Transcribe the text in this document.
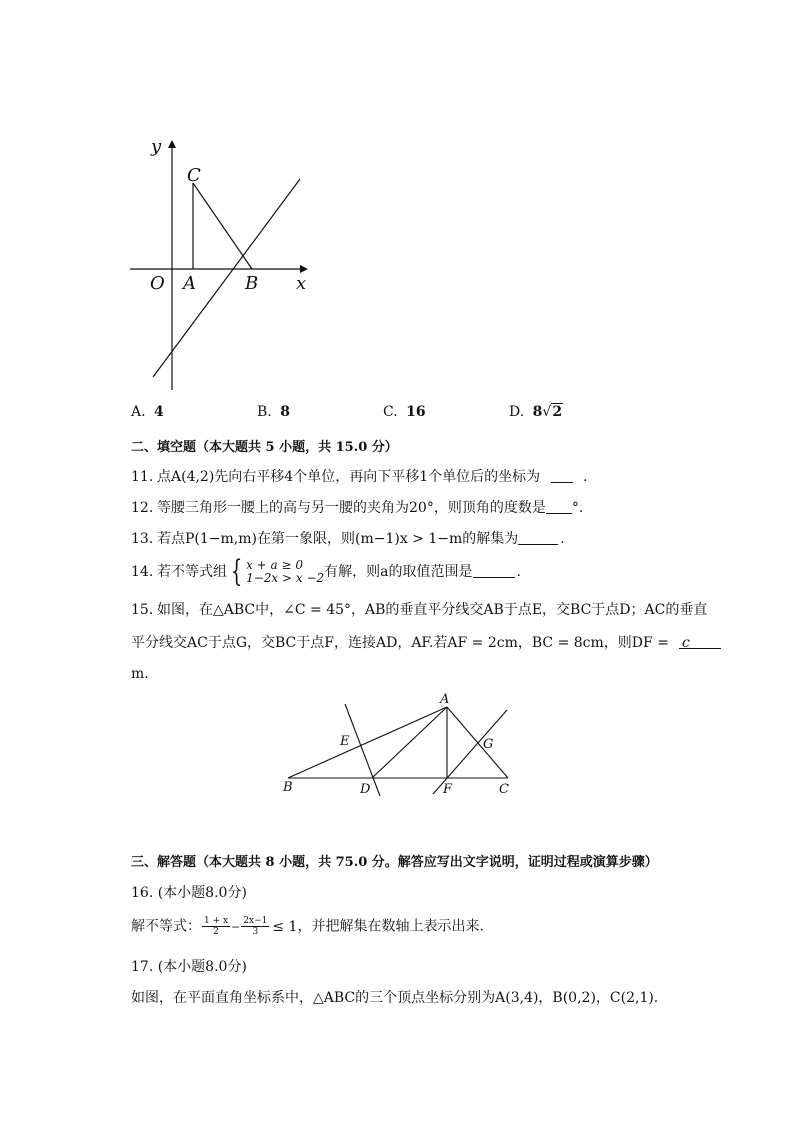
y
C
O A	B x
A. 4	B. 8	C. 16	D. 8√2
二、填空题（本大题共 5 小题，共 15.0 分）
11. 点A(4,2)先向右平移4个单位，再向下平移1个单位后的坐标为	.
12. 等腰三角形一腰上的高与另一腰的夹角为20°，则顶角的度数是 °.
13. 若点P(1−m,m)在第一象限，则(m−1)x > 1−m的解集为	.
14. 若不等式组 { x + a ≥ 0
1−2x > x −2 有解，则a的取值范围是	.
15. 如图，在△ABC中，∠C = 45°，AB的垂直平分线交AB于点E，交BC于点D；AC的垂直
平分线交AC于点G，交BC于点F，连接AD，AF.若AF = 2cm，BC = 8cm，则DF = c
m.
A
E	G
B	D	F	C
三、解答题（本大题共 8 小题，共 75.0 分。解答应写出文字说明，证明过程或演算步骤）
16. (本小题8.0分)
解不等式： $\frac{1 + x}{2} - \frac{2x-1}{3} \le 1$，并把解集在数轴上表示出来.
17. (本小题8.0分)
如图，在平面直角坐标系中，△ABC的三个顶点坐标分别为A(3,4)，B(0,2)，C(2,1).
